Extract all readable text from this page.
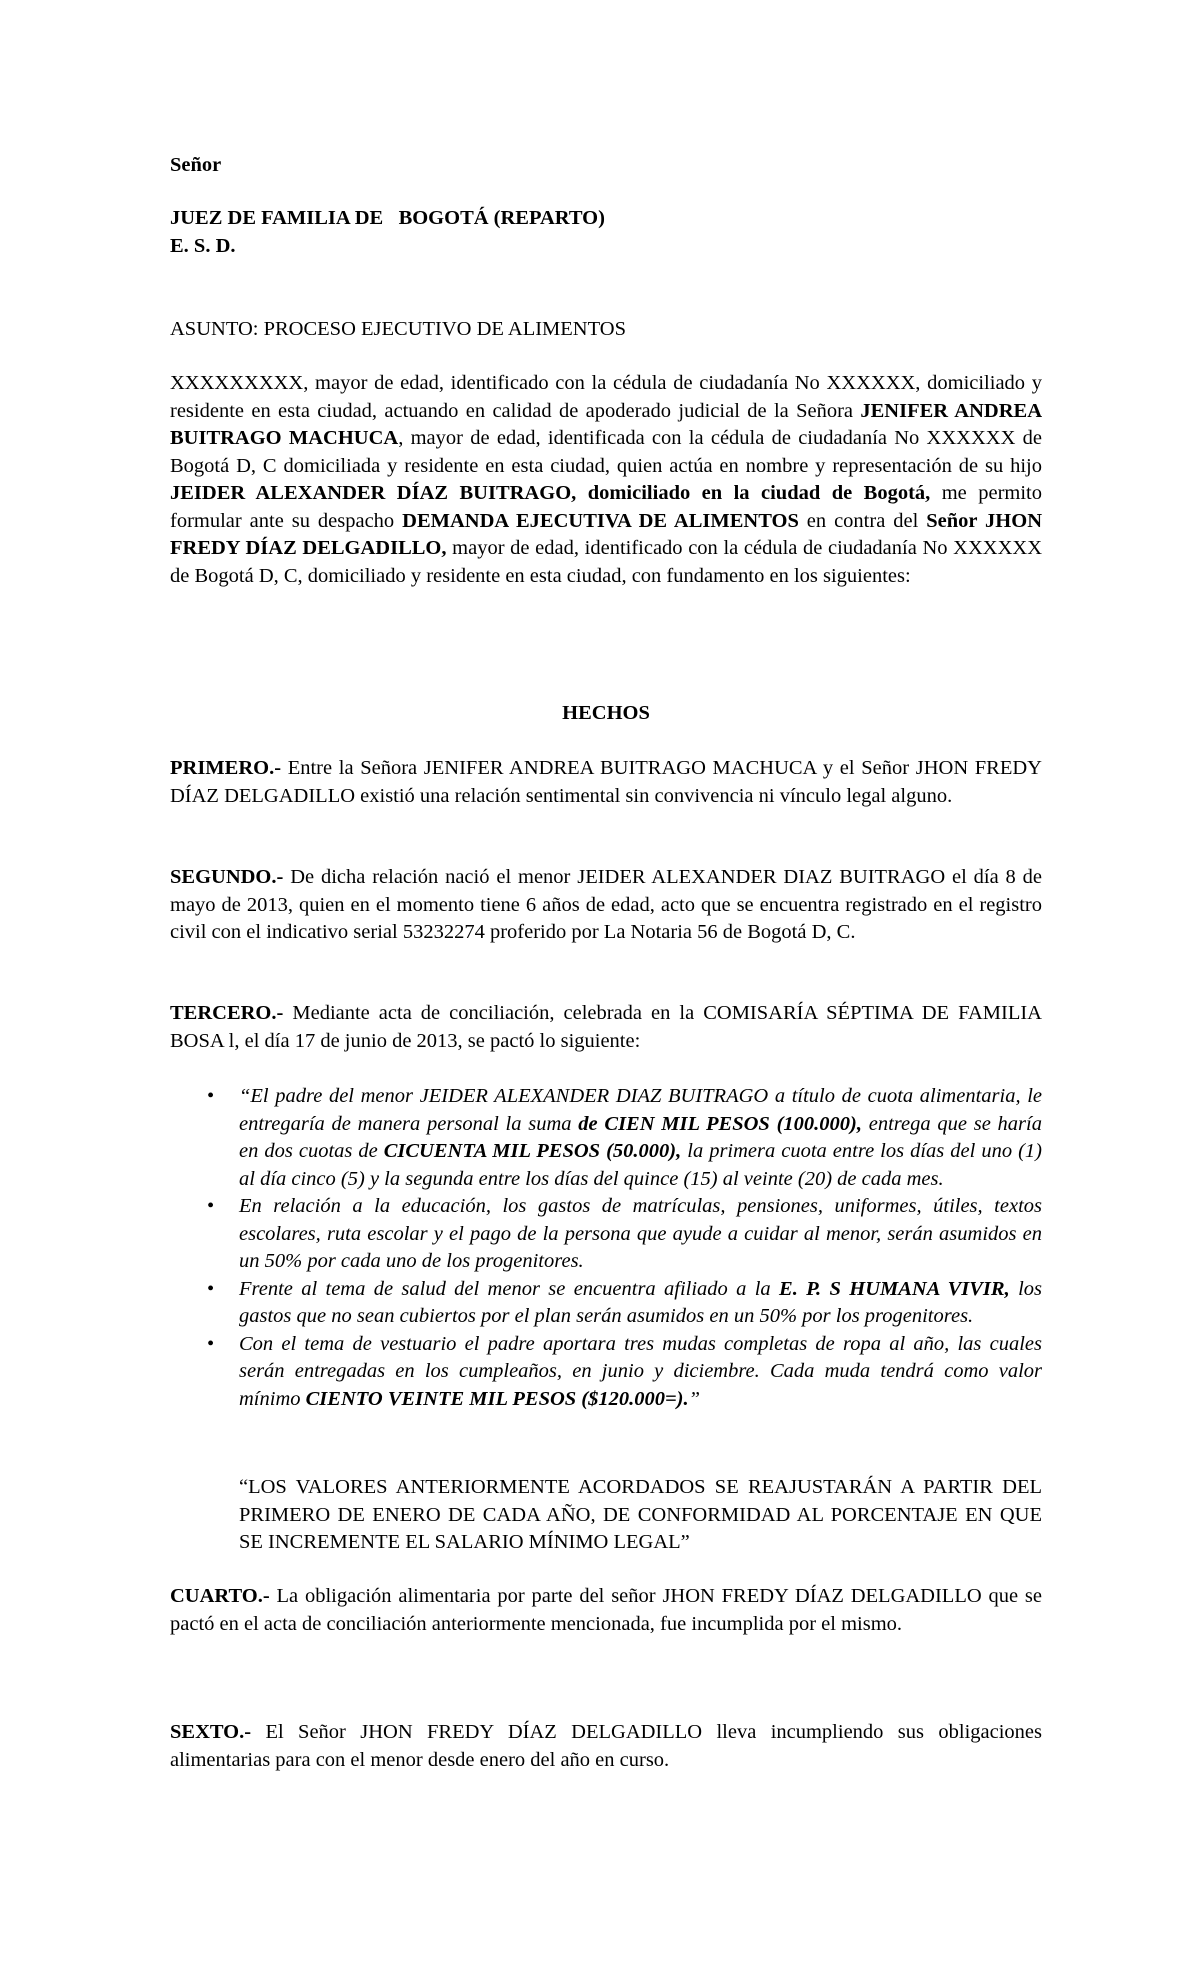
Señor

JUEZ DE FAMILIA DE   BOGOTÁ (REPARTO)

E. S. D.

ASUNTO: PROCESO EJECUTIVO DE ALIMENTOS

XXXXXXXXX, mayor de edad, identificado con la cédula de ciudadanía No XXXXXX, domiciliado y residente en esta ciudad, actuando en calidad de apoderado judicial de la Señora JENIFER ANDREA BUITRAGO MACHUCA, mayor de edad, identificada con la cédula de ciudadanía No XXXXXX de Bogotá D, C domiciliada y residente en esta ciudad, quien actúa en nombre y representación de su hijo JEIDER ALEXANDER DÍAZ BUITRAGO, domiciliado en la ciudad de Bogotá, me permito formular ante su despacho DEMANDA EJECUTIVA DE ALIMENTOS en contra del Señor JHON FREDY DÍAZ DELGADILLO, mayor de edad, identificado con la cédula de ciudadanía No XXXXXX de Bogotá D, C, domiciliado y residente en esta ciudad, con fundamento en los siguientes:

HECHOS

PRIMERO.- Entre la Señora JENIFER ANDREA BUITRAGO MACHUCA y el Señor JHON FREDY DÍAZ DELGADILLO existió una relación sentimental sin convivencia ni vínculo legal alguno.

SEGUNDO.- De dicha relación nació el menor JEIDER ALEXANDER DIAZ BUITRAGO el día 8 de mayo de 2013, quien en el momento tiene 6 años de edad, acto que se encuentra registrado en el registro civil con el indicativo serial 53232274 proferido por La Notaria 56 de Bogotá D, C.

TERCERO.- Mediante acta de conciliación, celebrada en la COMISARÍA SÉPTIMA DE FAMILIA BOSA l, el día 17 de junio de 2013, se pactó lo siguiente:

• “El padre del menor JEIDER ALEXANDER DIAZ BUITRAGO a título de cuota alimentaria, le entregaría de manera personal la suma de CIEN MIL PESOS (100.000), entrega que se haría en dos cuotas de CICUENTA MIL PESOS (50.000), la primera cuota entre los días del uno (1) al día cinco (5) y la segunda entre los días del quince (15) al veinte (20) de cada mes.
• En relación a la educación, los gastos de matrículas, pensiones, uniformes, útiles, textos escolares, ruta escolar y el pago de la persona que ayude a cuidar al menor, serán asumidos en un 50% por cada uno de los progenitores.
• Frente al tema de salud del menor se encuentra afiliado a la E. P. S HUMANA VIVIR, los gastos que no sean cubiertos por el plan serán asumidos en un 50% por los progenitores.
• Con el tema de vestuario el padre aportara tres mudas completas de ropa al año, las cuales serán entregadas en los cumpleaños, en junio y diciembre. Cada muda tendrá como valor mínimo CIENTO VEINTE MIL PESOS ($120.000=).”

“LOS VALORES ANTERIORMENTE ACORDADOS SE REAJUSTARÁN A PARTIR DEL PRIMERO DE ENERO DE CADA AÑO, DE CONFORMIDAD AL PORCENTAJE EN QUE SE INCREMENTE EL SALARIO MÍNIMO LEGAL”

CUARTO.- La obligación alimentaria por parte del señor JHON FREDY DÍAZ DELGADILLO que se pactó en el acta de conciliación anteriormente mencionada, fue incumplida por el mismo.

SEXTO.- El Señor JHON FREDY DÍAZ DELGADILLO lleva incumpliendo sus obligaciones alimentarias para con el menor desde enero del año en curso.
